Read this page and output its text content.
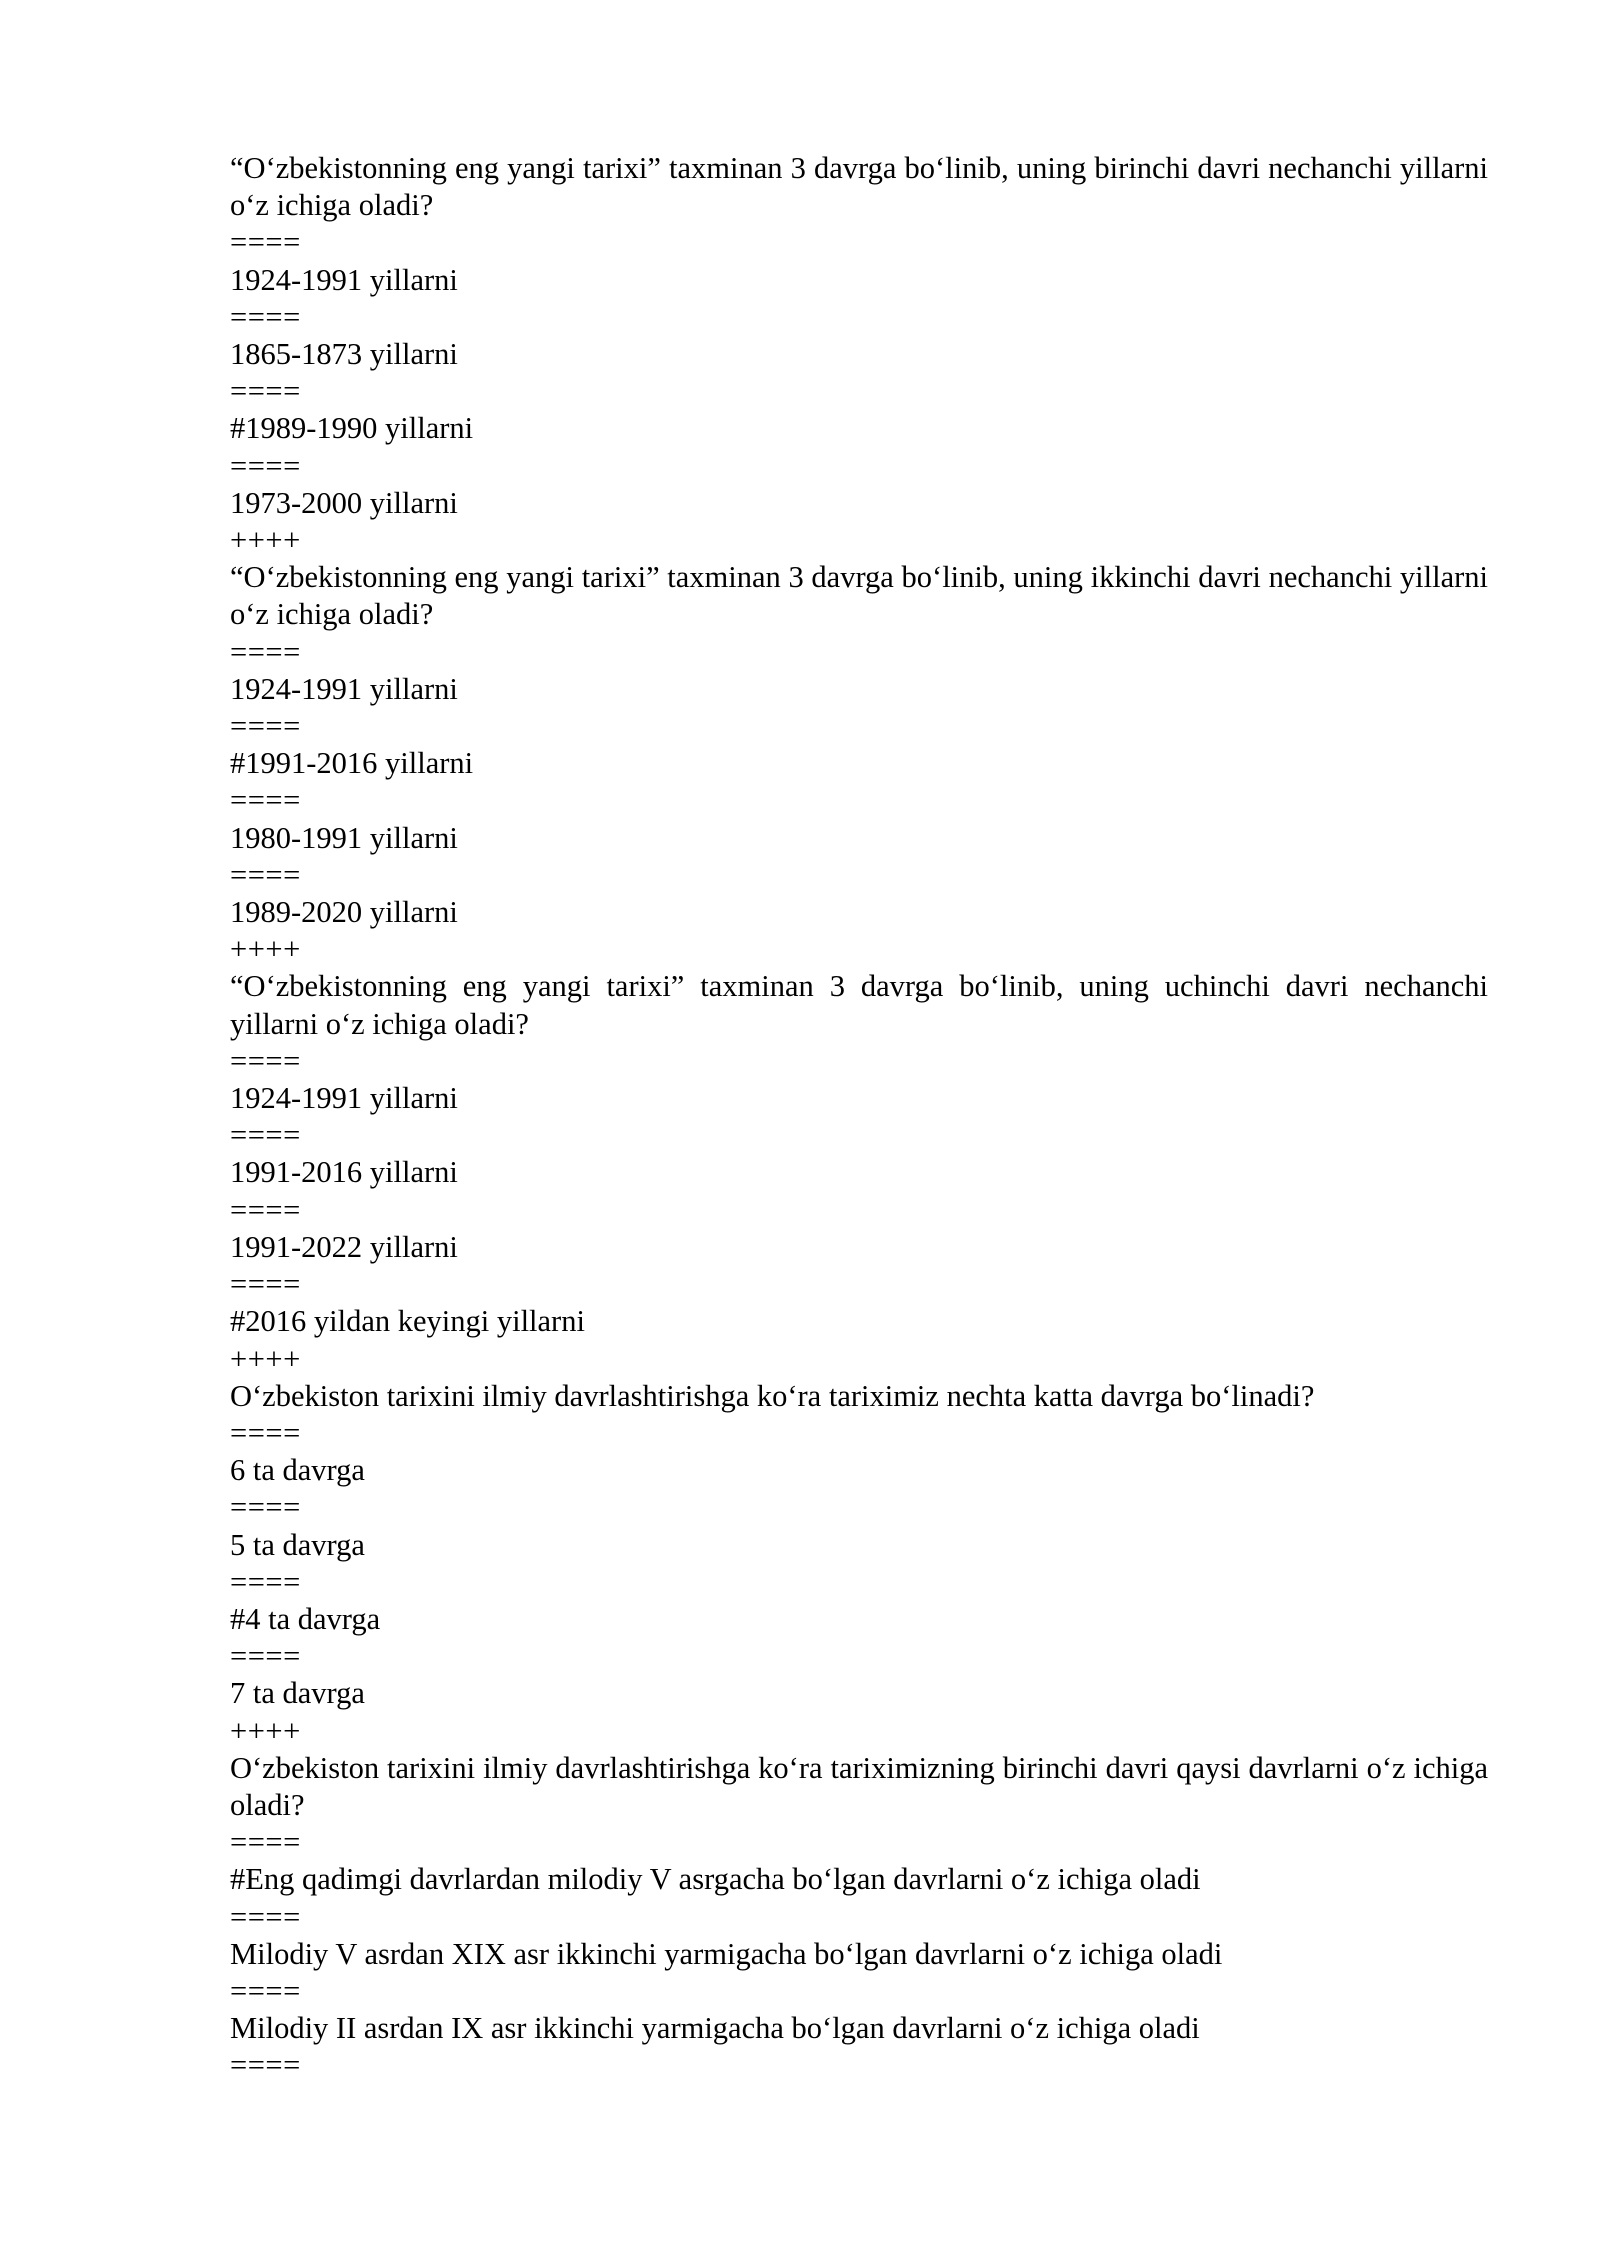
“O‘zbekistonning eng yangi tarixi” taxminan 3 davrga bo‘linib, uning birinchi davri nechanchi yillarni o‘z ichiga oladi?
====
1924-1991 yillarni
====
1865-1873 yillarni
====
#1989-1990 yillarni
====
1973-2000 yillarni
++++
“O‘zbekistonning eng yangi tarixi” taxminan 3 davrga bo‘linib, uning ikkinchi davri nechanchi yillarni o‘z ichiga oladi?
====
1924-1991 yillarni
====
#1991-2016 yillarni
====
1980-1991 yillarni
====
1989-2020 yillarni
++++
“O‘zbekistonning eng yangi tarixi” taxminan 3 davrga bo‘linib, uning uchinchi davri nechanchi yillarni o‘z ichiga oladi?
====
1924-1991 yillarni
====
1991-2016 yillarni
====
1991-2022 yillarni
====
#2016 yildan keyingi yillarni
++++
O‘zbekiston tarixini ilmiy davrlashtirishga ko‘ra tariximiz nechta katta davrga bo‘linadi?
====
6 ta davrga
====
5 ta davrga
====
#4 ta davrga
====
7 ta davrga
++++
O‘zbekiston tarixini ilmiy davrlashtirishga ko‘ra tariximizning birinchi davri qaysi davrlarni o‘z ichiga oladi?
====
#Eng qadimgi davrlardan milodiy V asrgacha bo‘lgan davrlarni o‘z ichiga oladi
====
Milodiy V asrdan XIX asr ikkinchi yarmigacha bo‘lgan davrlarni o‘z ichiga oladi
====
Milodiy II asrdan IX asr ikkinchi yarmigacha bo‘lgan davrlarni o‘z ichiga oladi
====
